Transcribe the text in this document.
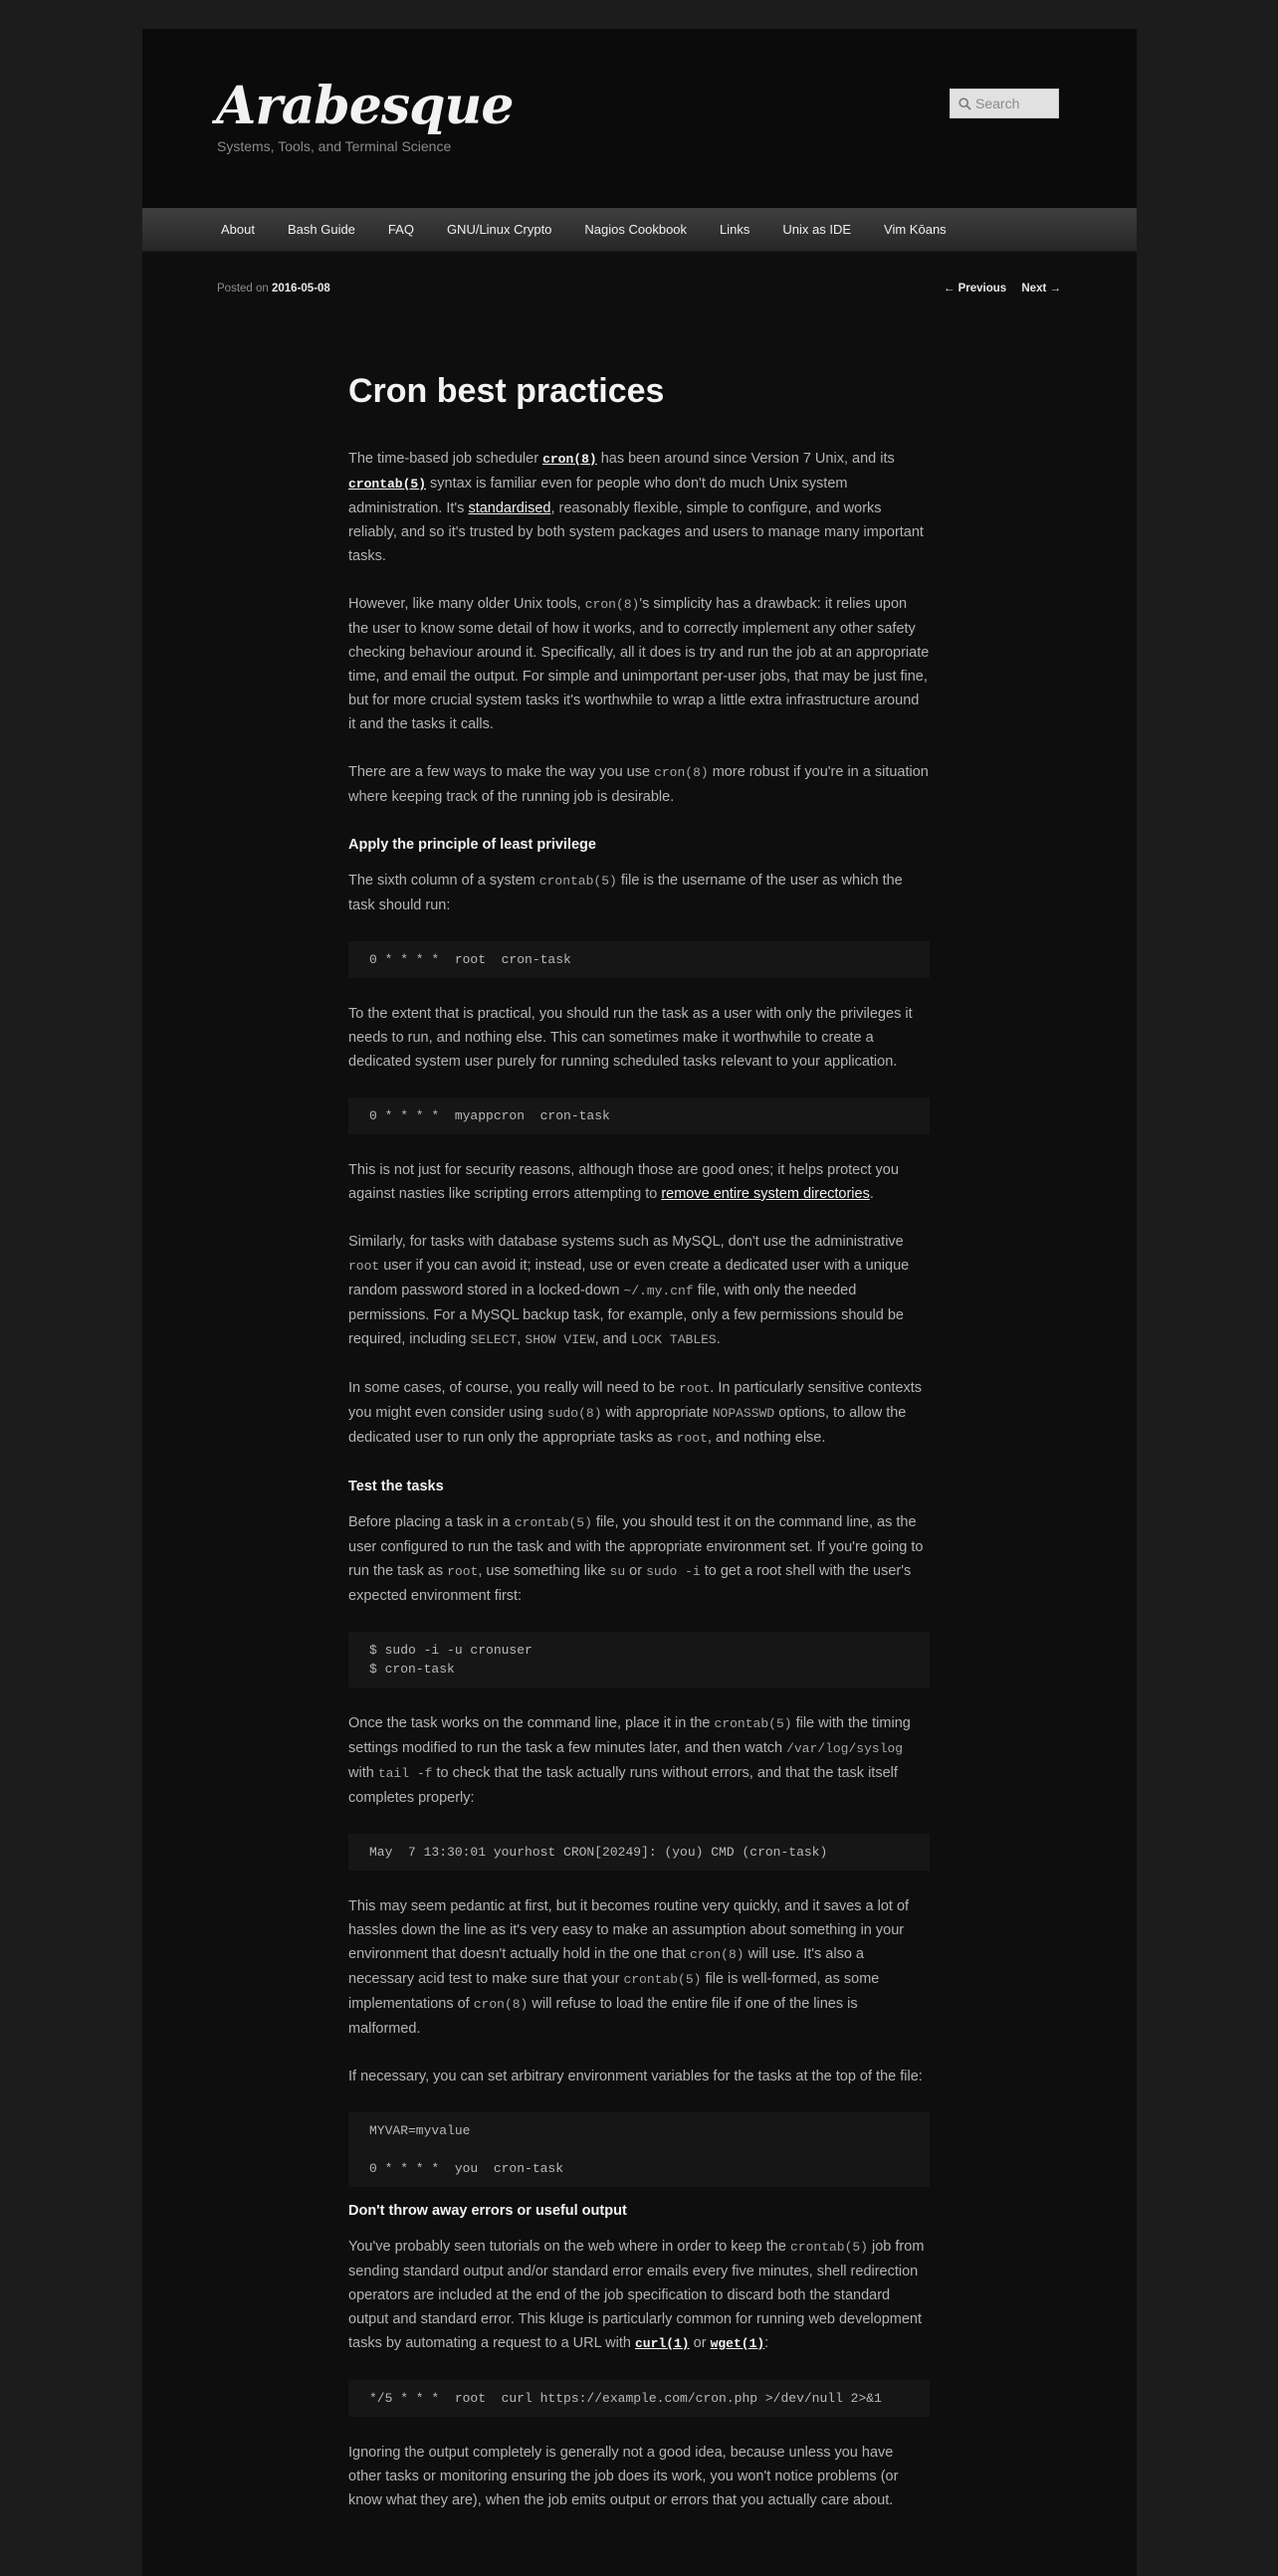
Arabesque
Systems, Tools, and Terminal Science
Search
About	Bash Guide	FAQ	GNU/Linux Crypto	Nagios Cookbook	Links	Unix as IDE	Vim Kōans
Posted on 2016-05-08	← Previous Next →
Cron best practices

The time-based job scheduler cron(8) has been around since Version 7 Unix, and its crontab(5) syntax is familiar even for people who don't do much Unix system administration. It's standardised, reasonably flexible, simple to configure, and works reliably, and so it's trusted by both system packages and users to manage many important tasks.

However, like many older Unix tools, cron(8)'s simplicity has a drawback: it relies upon the user to know some detail of how it works, and to correctly implement any other safety checking behaviour around it. Specifically, all it does is try and run the job at an appropriate time, and email the output. For simple and unimportant per-user jobs, that may be just fine, but for more crucial system tasks it's worthwhile to wrap a little extra infrastructure around it and the tasks it calls.

There are a few ways to make the way you use cron(8) more robust if you're in a situation where keeping track of the running job is desirable.

Apply the principle of least privilege

The sixth column of a system crontab(5) file is the username of the user as which the task should run:

0 * * * *  root  cron-task

To the extent that is practical, you should run the task as a user with only the privileges it needs to run, and nothing else. This can sometimes make it worthwhile to create a dedicated system user purely for running scheduled tasks relevant to your application.

0 * * * *  myappcron  cron-task

This is not just for security reasons, although those are good ones; it helps protect you against nasties like scripting errors attempting to remove entire system directories.

Similarly, for tasks with database systems such as MySQL, don't use the administrative root user if you can avoid it; instead, use or even create a dedicated user with a unique random password stored in a locked-down ~/.my.cnf file, with only the needed permissions. For a MySQL backup task, for example, only a few permissions should be required, including SELECT, SHOW VIEW, and LOCK TABLES.

In some cases, of course, you really will need to be root. In particularly sensitive contexts you might even consider using sudo(8) with appropriate NOPASSWD options, to allow the dedicated user to run only the appropriate tasks as root, and nothing else.

Test the tasks

Before placing a task in a crontab(5) file, you should test it on the command line, as the user configured to run the task and with the appropriate environment set. If you're going to run the task as root, use something like su or sudo -i to get a root shell with the user's expected environment first:

$ sudo -i -u cronuser
$ cron-task

Once the task works on the command line, place it in the crontab(5) file with the timing settings modified to run the task a few minutes later, and then watch /var/log/syslog with tail -f to check that the task actually runs without errors, and that the task itself completes properly:

May  7 13:30:01 yourhost CRON[20249]: (you) CMD (cron-task)

This may seem pedantic at first, but it becomes routine very quickly, and it saves a lot of hassles down the line as it's very easy to make an assumption about something in your environment that doesn't actually hold in the one that cron(8) will use. It's also a necessary acid test to make sure that your crontab(5) file is well-formed, as some implementations of cron(8) will refuse to load the entire file if one of the lines is malformed.

If necessary, you can set arbitrary environment variables for the tasks at the top of the file:

MYVAR=myvalue

0 * * * *  you  cron-task
Don't throw away errors or useful output

You've probably seen tutorials on the web where in order to keep the crontab(5) job from sending standard output and/or standard error emails every five minutes, shell redirection operators are included at the end of the job specification to discard both the standard output and standard error. This kluge is particularly common for running web development tasks by automating a request to a URL with curl(1) or wget(1):

*/5 * * *  root  curl https://example.com/cron.php >/dev/null 2>&1

Ignoring the output completely is generally not a good idea, because unless you have other tasks or monitoring ensuring the job does its work, you won't notice problems (or know what they are), when the job emits output or errors that you actually care about.
